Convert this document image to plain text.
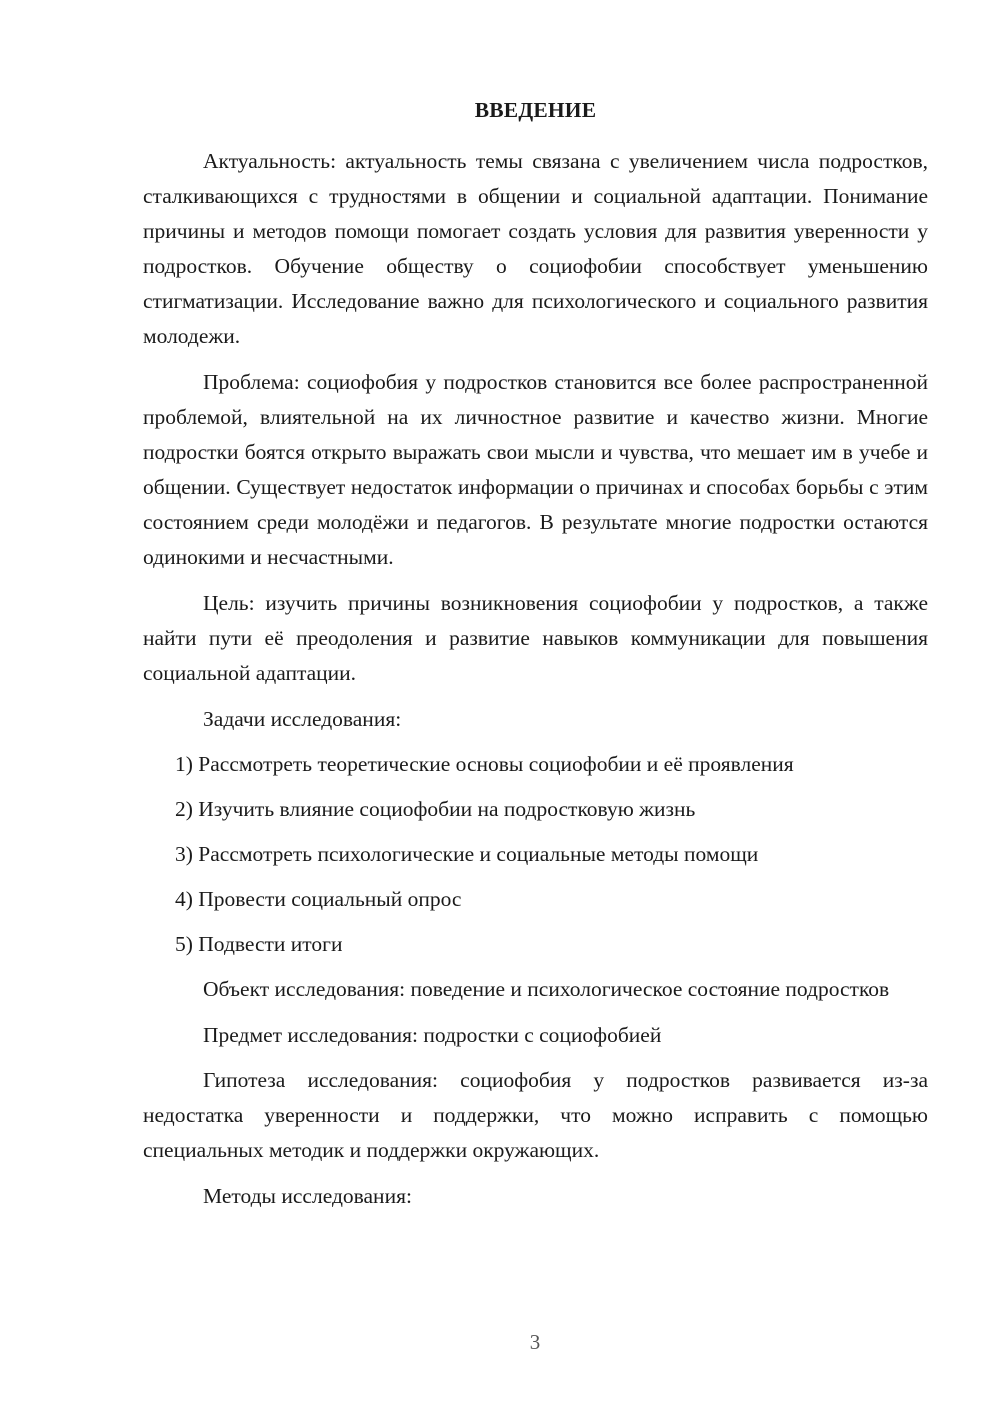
ВВЕДЕНИЕ

Актуальность: актуальность темы связана с увеличением числа подростков, сталкивающихся с трудностями в общении и социальной адаптации. Понимание причины и методов помощи помогает создать условия для развития уверенности у подростков. Обучение обществу о социофобии способствует уменьшению стигматизации. Исследование важно для психологического и социального развития молодежи.

Проблема: социофобия у подростков становится все более распространенной проблемой, влиятельной на их личностное развитие и качество жизни. Многие подростки боятся открыто выражать свои мысли и чувства, что мешает им в учебе и общении. Существует недостаток информации о причинах и способах борьбы с этим состоянием среди молодёжи и педагогов. В результате многие подростки остаются одинокими и несчастными.

Цель: изучить причины возникновения социофобии у подростков, а также найти пути её преодоления и развитие навыков коммуникации для повышения социальной адаптации.

Задачи исследования:

1) Рассмотреть теоретические основы социофобии и её проявления

2) Изучить влияние социофобии на подростковую жизнь

3) Рассмотреть психологические и социальные методы помощи

4) Провести социальный опрос

5) Подвести итоги

Объект исследования: поведение и психологическое состояние подростков

Предмет исследования: подростки с социофобией

Гипотеза исследования: социофобия у подростков развивается из-за недостатка уверенности и поддержки, что можно исправить с помощью специальных методик и поддержки окружающих.

Методы исследования:

3
